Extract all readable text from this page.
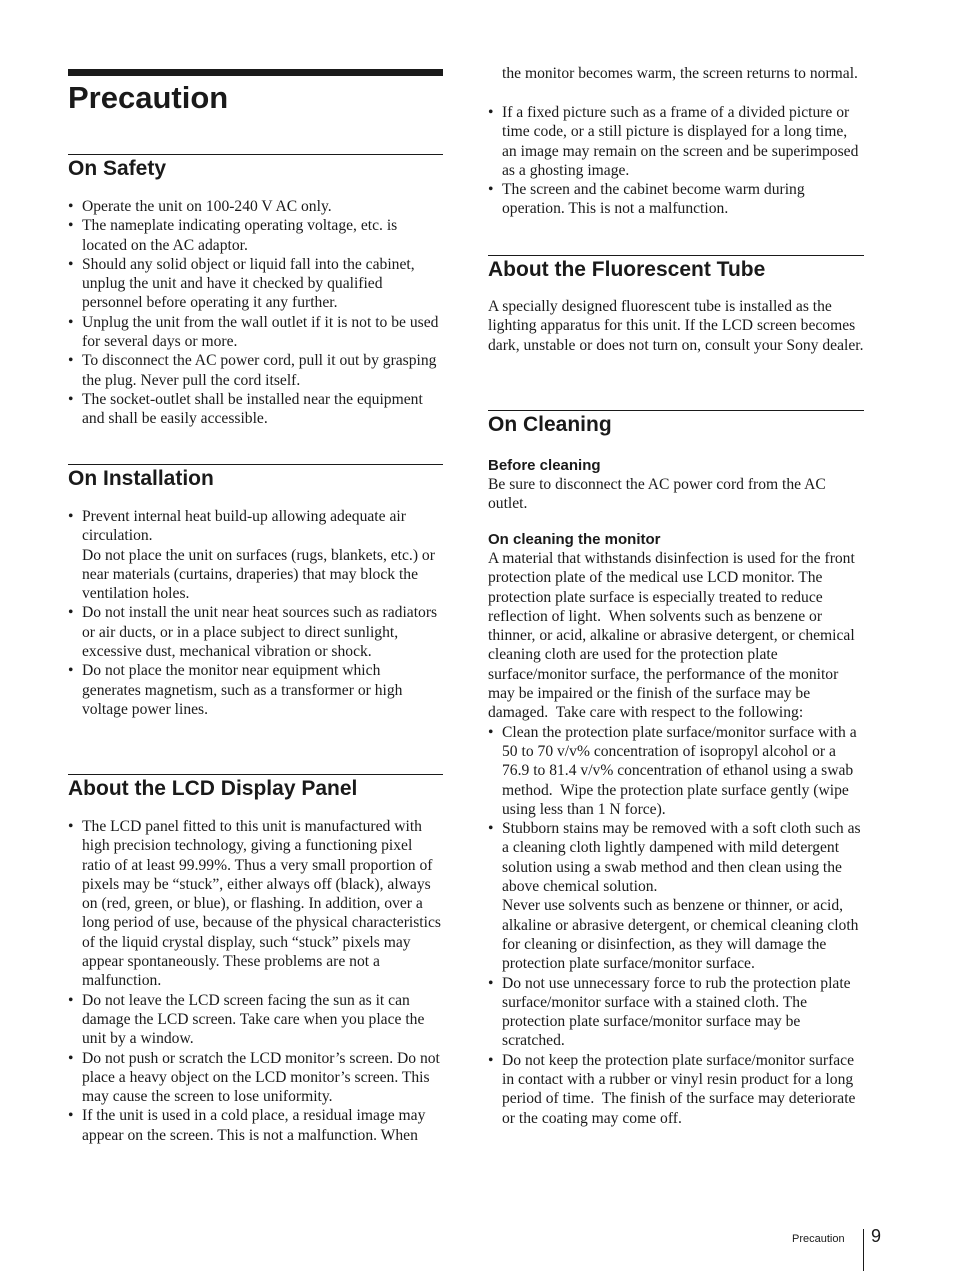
Precaution
On Safety
• Operate the unit on 100-240 V AC only.
• The nameplate indicating operating voltage, etc. is located on the AC adaptor.
• Should any solid object or liquid fall into the cabinet, unplug the unit and have it checked by qualified personnel before operating it any further.
• Unplug the unit from the wall outlet if it is not to be used for several days or more.
• To disconnect the AC power cord, pull it out by grasping the plug. Never pull the cord itself.
• The socket-outlet shall be installed near the equipment and shall be easily accessible.
On Installation
• Prevent internal heat build-up allowing adequate air circulation.
Do not place the unit on surfaces (rugs, blankets, etc.) or near materials (curtains, draperies) that may block the ventilation holes.
• Do not install the unit near heat sources such as radiators or air ducts, or in a place subject to direct sunlight, excessive dust, mechanical vibration or shock.
• Do not place the monitor near equipment which generates magnetism, such as a transformer or high voltage power lines.
About the LCD Display Panel
• The LCD panel fitted to this unit is manufactured with high precision technology, giving a functioning pixel ratio of at least 99.99%. Thus a very small proportion of pixels may be “stuck”, either always off (black), always on (red, green, or blue), or flashing. In addition, over a long period of use, because of the physical characteristics of the liquid crystal display, such “stuck” pixels may appear spontaneously. These problems are not a malfunction.
• Do not leave the LCD screen facing the sun as it can damage the LCD screen. Take care when you place the unit by a window.
• Do not push or scratch the LCD monitor’s screen. Do not place a heavy object on the LCD monitor’s screen. This may cause the screen to lose uniformity.
• If the unit is used in a cold place, a residual image may appear on the screen. This is not a malfunction. When

the monitor becomes warm, the screen returns to normal.

• If a fixed picture such as a frame of a divided picture or time code, or a still picture is displayed for a long time, an image may remain on the screen and be superimposed as a ghosting image.
• The screen and the cabinet become warm during operation. This is not a malfunction.
About the Fluorescent Tube

A specially designed fluorescent tube is installed as the lighting apparatus for this unit. If the LCD screen becomes dark, unstable or does not turn on, consult your Sony dealer.

On Cleaning
Before cleaning

Be sure to disconnect the AC power cord from the AC outlet.

On cleaning the monitor

A material that withstands disinfection is used for the front protection plate of the medical use LCD monitor. The protection plate surface is especially treated to reduce reflection of light.  When solvents such as benzene or thinner, or acid, alkaline or abrasive detergent, or chemical cleaning cloth are used for the protection plate surface/monitor surface, the performance of the monitor may be impaired or the finish of the surface may be damaged.  Take care with respect to the following:

• Clean the protection plate surface/monitor surface with a 50 to 70 v/v% concentration of isopropyl alcohol or a 76.9 to 81.4 v/v% concentration of ethanol using a swab method.  Wipe the protection plate surface gently (wipe using less than 1 N force).
• Stubborn stains may be removed with a soft cloth such as a cleaning cloth lightly dampened with mild detergent solution using a swab method and then clean using the above chemical solution.
Never use solvents such as benzene or thinner, or acid, alkaline or abrasive detergent, or chemical cleaning cloth for cleaning or disinfection, as they will damage the protection plate surface/monitor surface.
• Do not use unnecessary force to rub the protection plate surface/monitor surface with a stained cloth. The protection plate surface/monitor surface may be scratched.
• Do not keep the protection plate surface/monitor surface in contact with a rubber or vinyl resin product for a long period of time.  The finish of the surface may deteriorate or the coating may come off.
Precaution 9
